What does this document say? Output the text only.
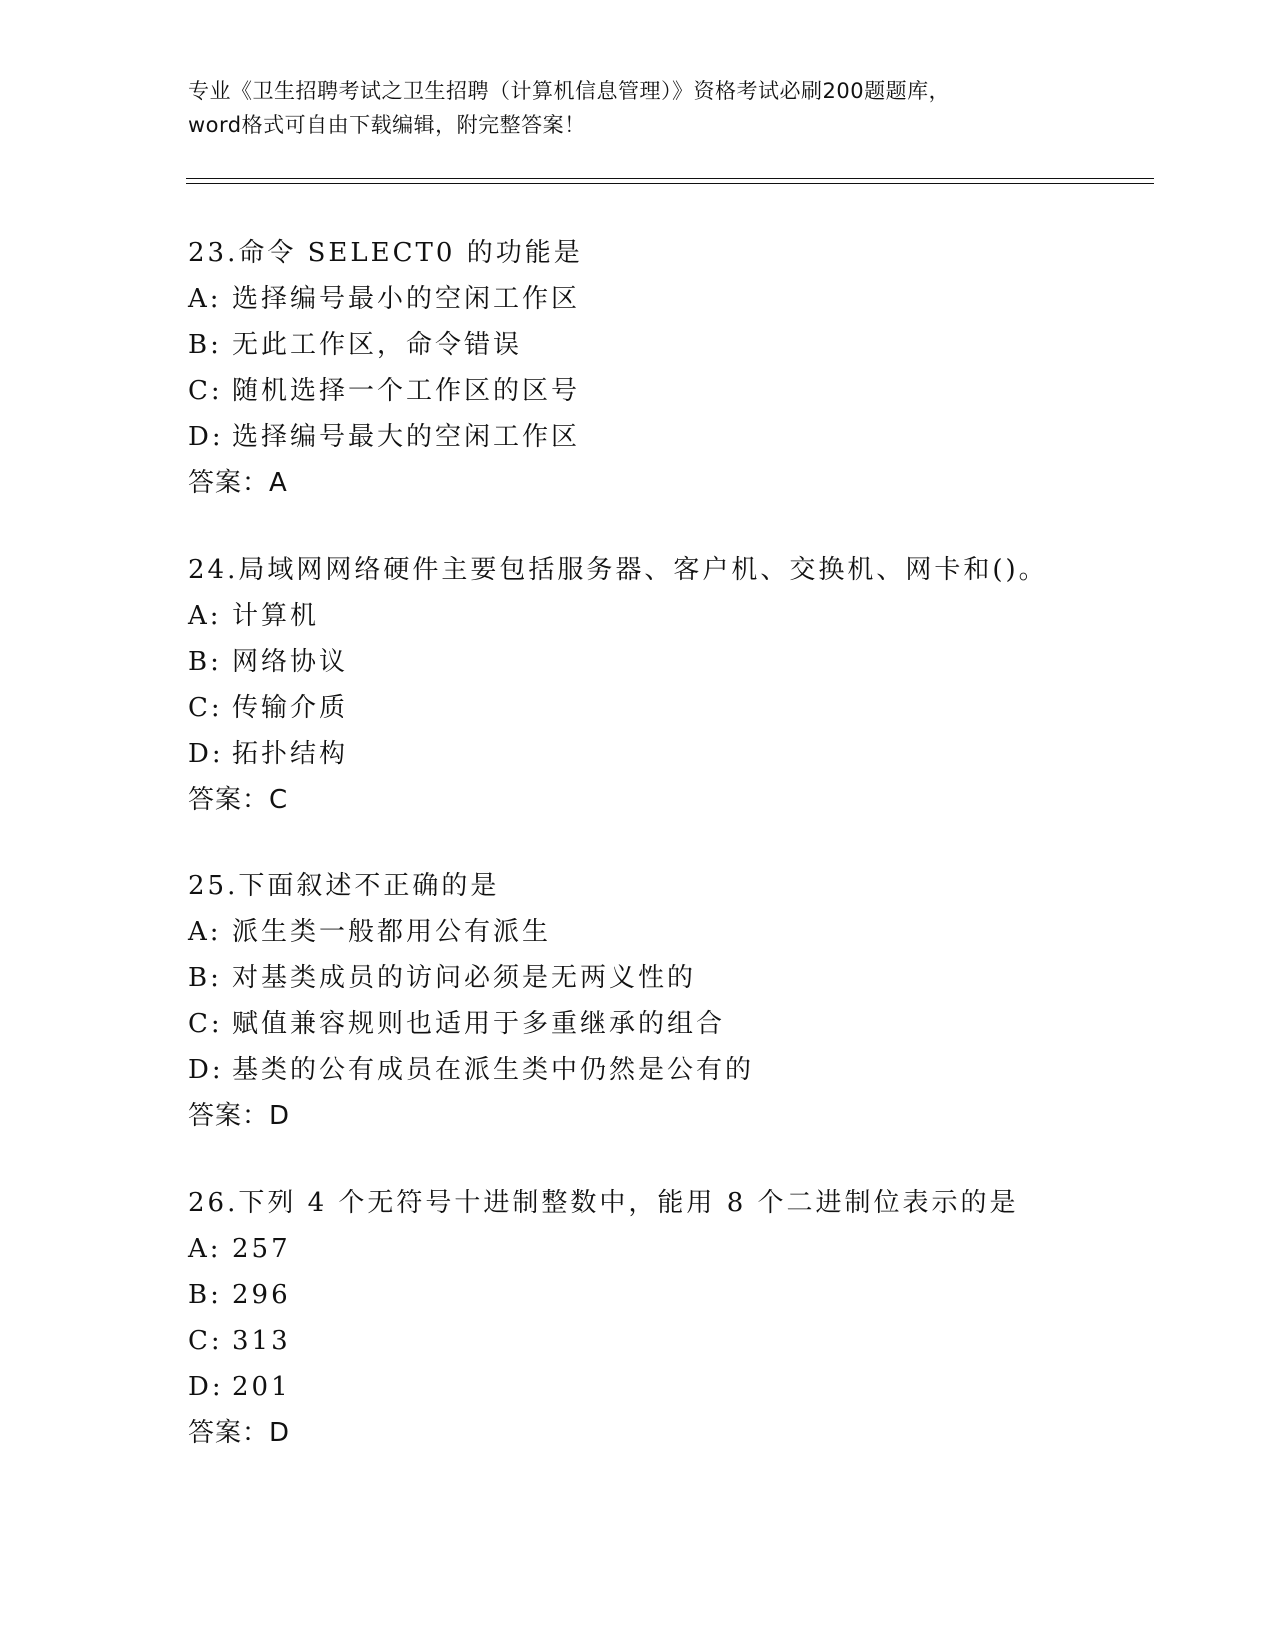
专业《卫生招聘考试之卫生招聘（计算机信息管理）》资格考试必刷200题题库，
word格式可自由下载编辑，附完整答案！
23.命令 SELECT0 的功能是
A: 选择编号最小的空闲工作区
B: 无此工作区，命令错误
C: 随机选择一个工作区的区号
D: 选择编号最大的空闲工作区
答案：A
24.局域网网络硬件主要包括服务器、客户机、交换机、网卡和()。
A: 计算机
B: 网络协议
C: 传输介质
D: 拓扑结构
答案：C
25.下面叙述不正确的是
A: 派生类一般都用公有派生
B: 对基类成员的访问必须是无两义性的
C: 赋值兼容规则也适用于多重继承的组合
D: 基类的公有成员在派生类中仍然是公有的
答案：D
26.下列 4 个无符号十进制整数中，能用 8 个二进制位表示的是
A: 257
B: 296
C: 313
D: 201
答案：D
